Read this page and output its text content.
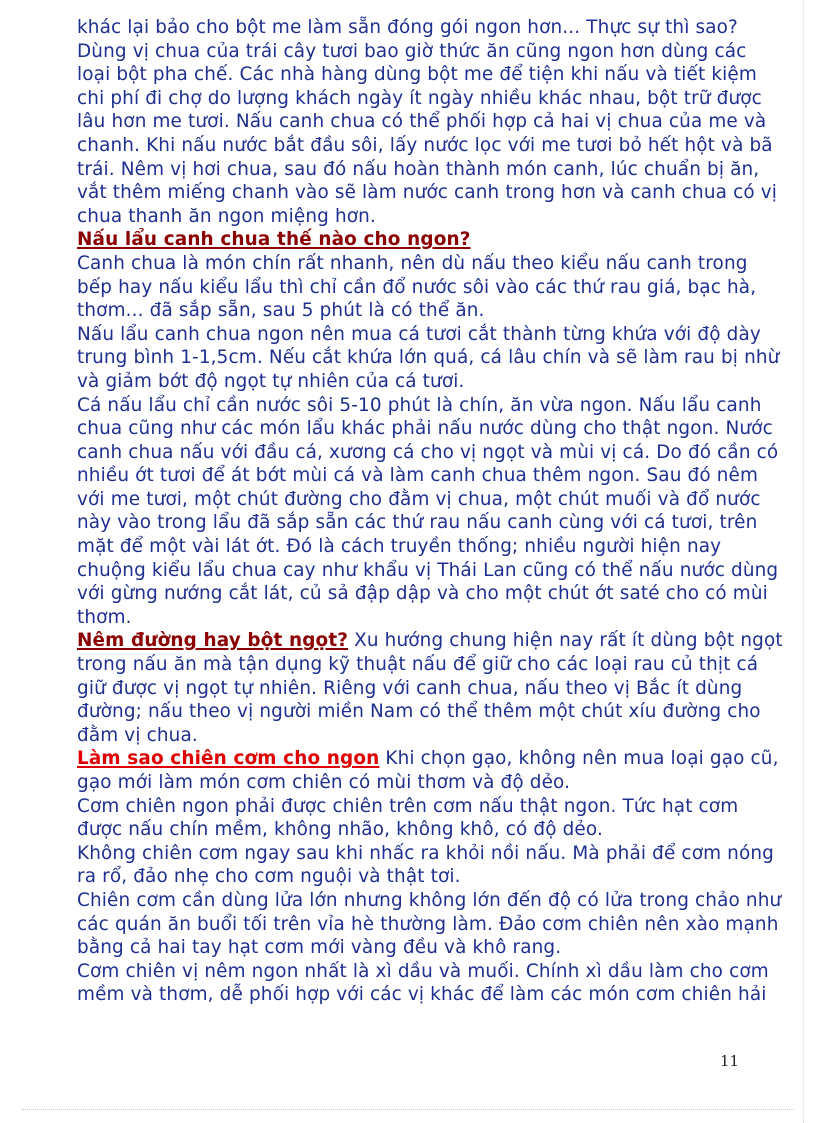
khác lại bảo cho bột me làm sẵn đóng gói ngon hơn... Thực sự thì sao? Dùng vị chua của trái cây tươi bao giờ thức ăn cũng ngon hơn dùng các loại bột pha chế. Các nhà hàng dùng bột me để tiện khi nấu và tiết kiệm chi phí đi chợ do lượng khách ngày ít ngày nhiều khác nhau, bột trữ được lâu hơn me tươi. Nấu canh chua có thể phối hợp cả hai vị chua của me và chanh. Khi nấu nước bắt đầu sôi, lấy nước lọc với me tươi bỏ hết hột và bã trái. Nêm vị hơi chua, sau đó nấu hoàn thành món canh, lúc chuẩn bị ăn, vắt thêm miếng chanh vào sẽ làm nước canh trong hơn và canh chua có vị chua thanh ăn ngon miệng hơn.

Nấu lẩu canh chua thế nào cho ngon?

Canh chua là món chín rất nhanh, nên dù nấu theo kiểu nấu canh trong bếp hay nấu kiểu lẩu thì chỉ cần đổ nước sôi vào các thứ rau giá, bạc hà, thơm... đã sắp sẵn, sau 5 phút là có thể ăn.

Nấu lẩu canh chua ngon nên mua cá tươi cắt thành từng khứa với độ dày trung bình 1-1,5cm. Nếu cắt khứa lớn quá, cá lâu chín và sẽ làm rau bị nhừ và giảm bớt độ ngọt tự nhiên của cá tươi.

Cá nấu lẩu chỉ cần nước sôi 5-10 phút là chín, ăn vừa ngon. Nấu lẩu canh chua cũng như các món lẩu khác phải nấu nước dùng cho thật ngon. Nước canh chua nấu với đầu cá, xương cá cho vị ngọt và mùi vị cá. Do đó cần có nhiều ớt tươi để át bớt mùi cá và làm canh chua thêm ngon. Sau đó nêm với me tươi, một chút đường cho đằm vị chua, một chút muối và đổ nước này vào trong lẩu đã sắp sẵn các thứ rau nấu canh cùng với cá tươi, trên mặt để một vài lát ớt. Đó là cách truyền thống; nhiều người hiện nay chuộng kiểu lẩu chua cay như khẩu vị Thái Lan cũng có thể nấu nước dùng với gừng nướng cắt lát, củ sả đập dập và cho một chút ớt saté cho có mùi thơm.

Nêm đường hay bột ngọt? Xu hướng chung hiện nay rất ít dùng bột ngọt trong nấu ăn mà tận dụng kỹ thuật nấu để giữ cho các loại rau củ thịt cá giữ được vị ngọt tự nhiên. Riêng với canh chua, nấu theo vị Bắc ít dùng đường; nấu theo vị người miền Nam có thể thêm một chút xíu đường cho đằm vị chua.

Làm sao chiên cơm cho ngon Khi chọn gạo, không nên mua loại gạo cũ, gạo mới làm món cơm chiên có mùi thơm và độ dẻo.

Cơm chiên ngon phải được chiên trên cơm nấu thật ngon. Tức hạt cơm được nấu chín mềm, không nhão, không khô, có độ dẻo.

Không chiên cơm ngay sau khi nhấc ra khỏi nồi nấu. Mà phải để cơm nóng ra rổ, đảo nhẹ cho cơm nguội và thật tơi.

Chiên cơm cần dùng lửa lớn nhưng không lớn đến độ có lửa trong chảo như các quán ăn buổi tối trên vỉa hè thường làm. Đảo cơm chiên nên xào mạnh bằng cả hai tay hạt cơm mới vàng đều và khô rang.

Cơm chiên vị nêm ngon nhất là xì dầu và muối. Chính xì dầu làm cho cơm mềm và thơm, dễ phối hợp với các vị khác để làm các món cơm chiên hải

11
